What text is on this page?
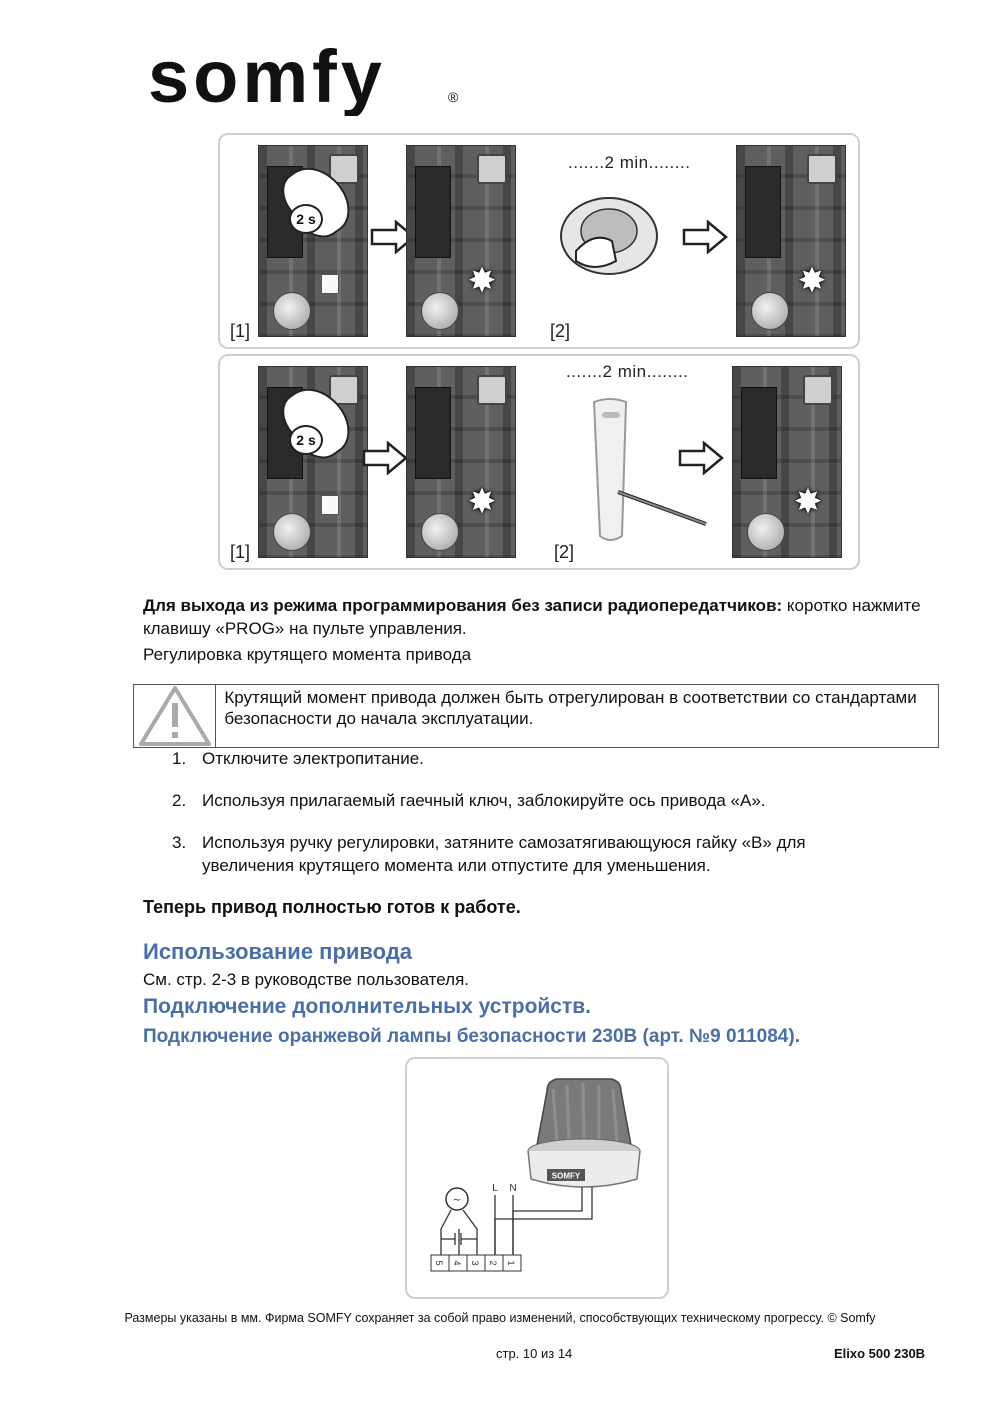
somfy	®
2 s
✸
.......2 min........
✸
[1]	[2]
2 s
✸
.......2 min........
✸
[1]	[2]
Для выхода из режима программирования без записи радиопередатчиков: коротко нажмите клавишу «PROG» на пульте управления.
Регулировка крутящего момента привода
Крутящий момент привода должен быть отрегулирован в соответствии со стандартами безопасности до начала эксплуатации.
1. Отключите электропитание.
2. Используя прилагаемый гаечный ключ, заблокируйте ось привода «А».
3. Используя ручку регулировки, затяните самозатягивающуюся гайку «В» для
увеличения крутящего момента или отпустите для уменьшения.
Теперь привод полностью готов к работе.
Использование привода
См. стр. 2-3 в руководстве пользователя.
Подключение дополнительных устройств.
Подключение оранжевой лампы безопасности 230В (арт. №9 011084).
SOMFY
L N
~
5 4 3 2 1
Размеры указаны в мм. Фирма SOMFY сохраняет за собой право изменений, способствующих техническому прогрессу. © Somfy
стр. 10 из 14	Elixo 500 230B
